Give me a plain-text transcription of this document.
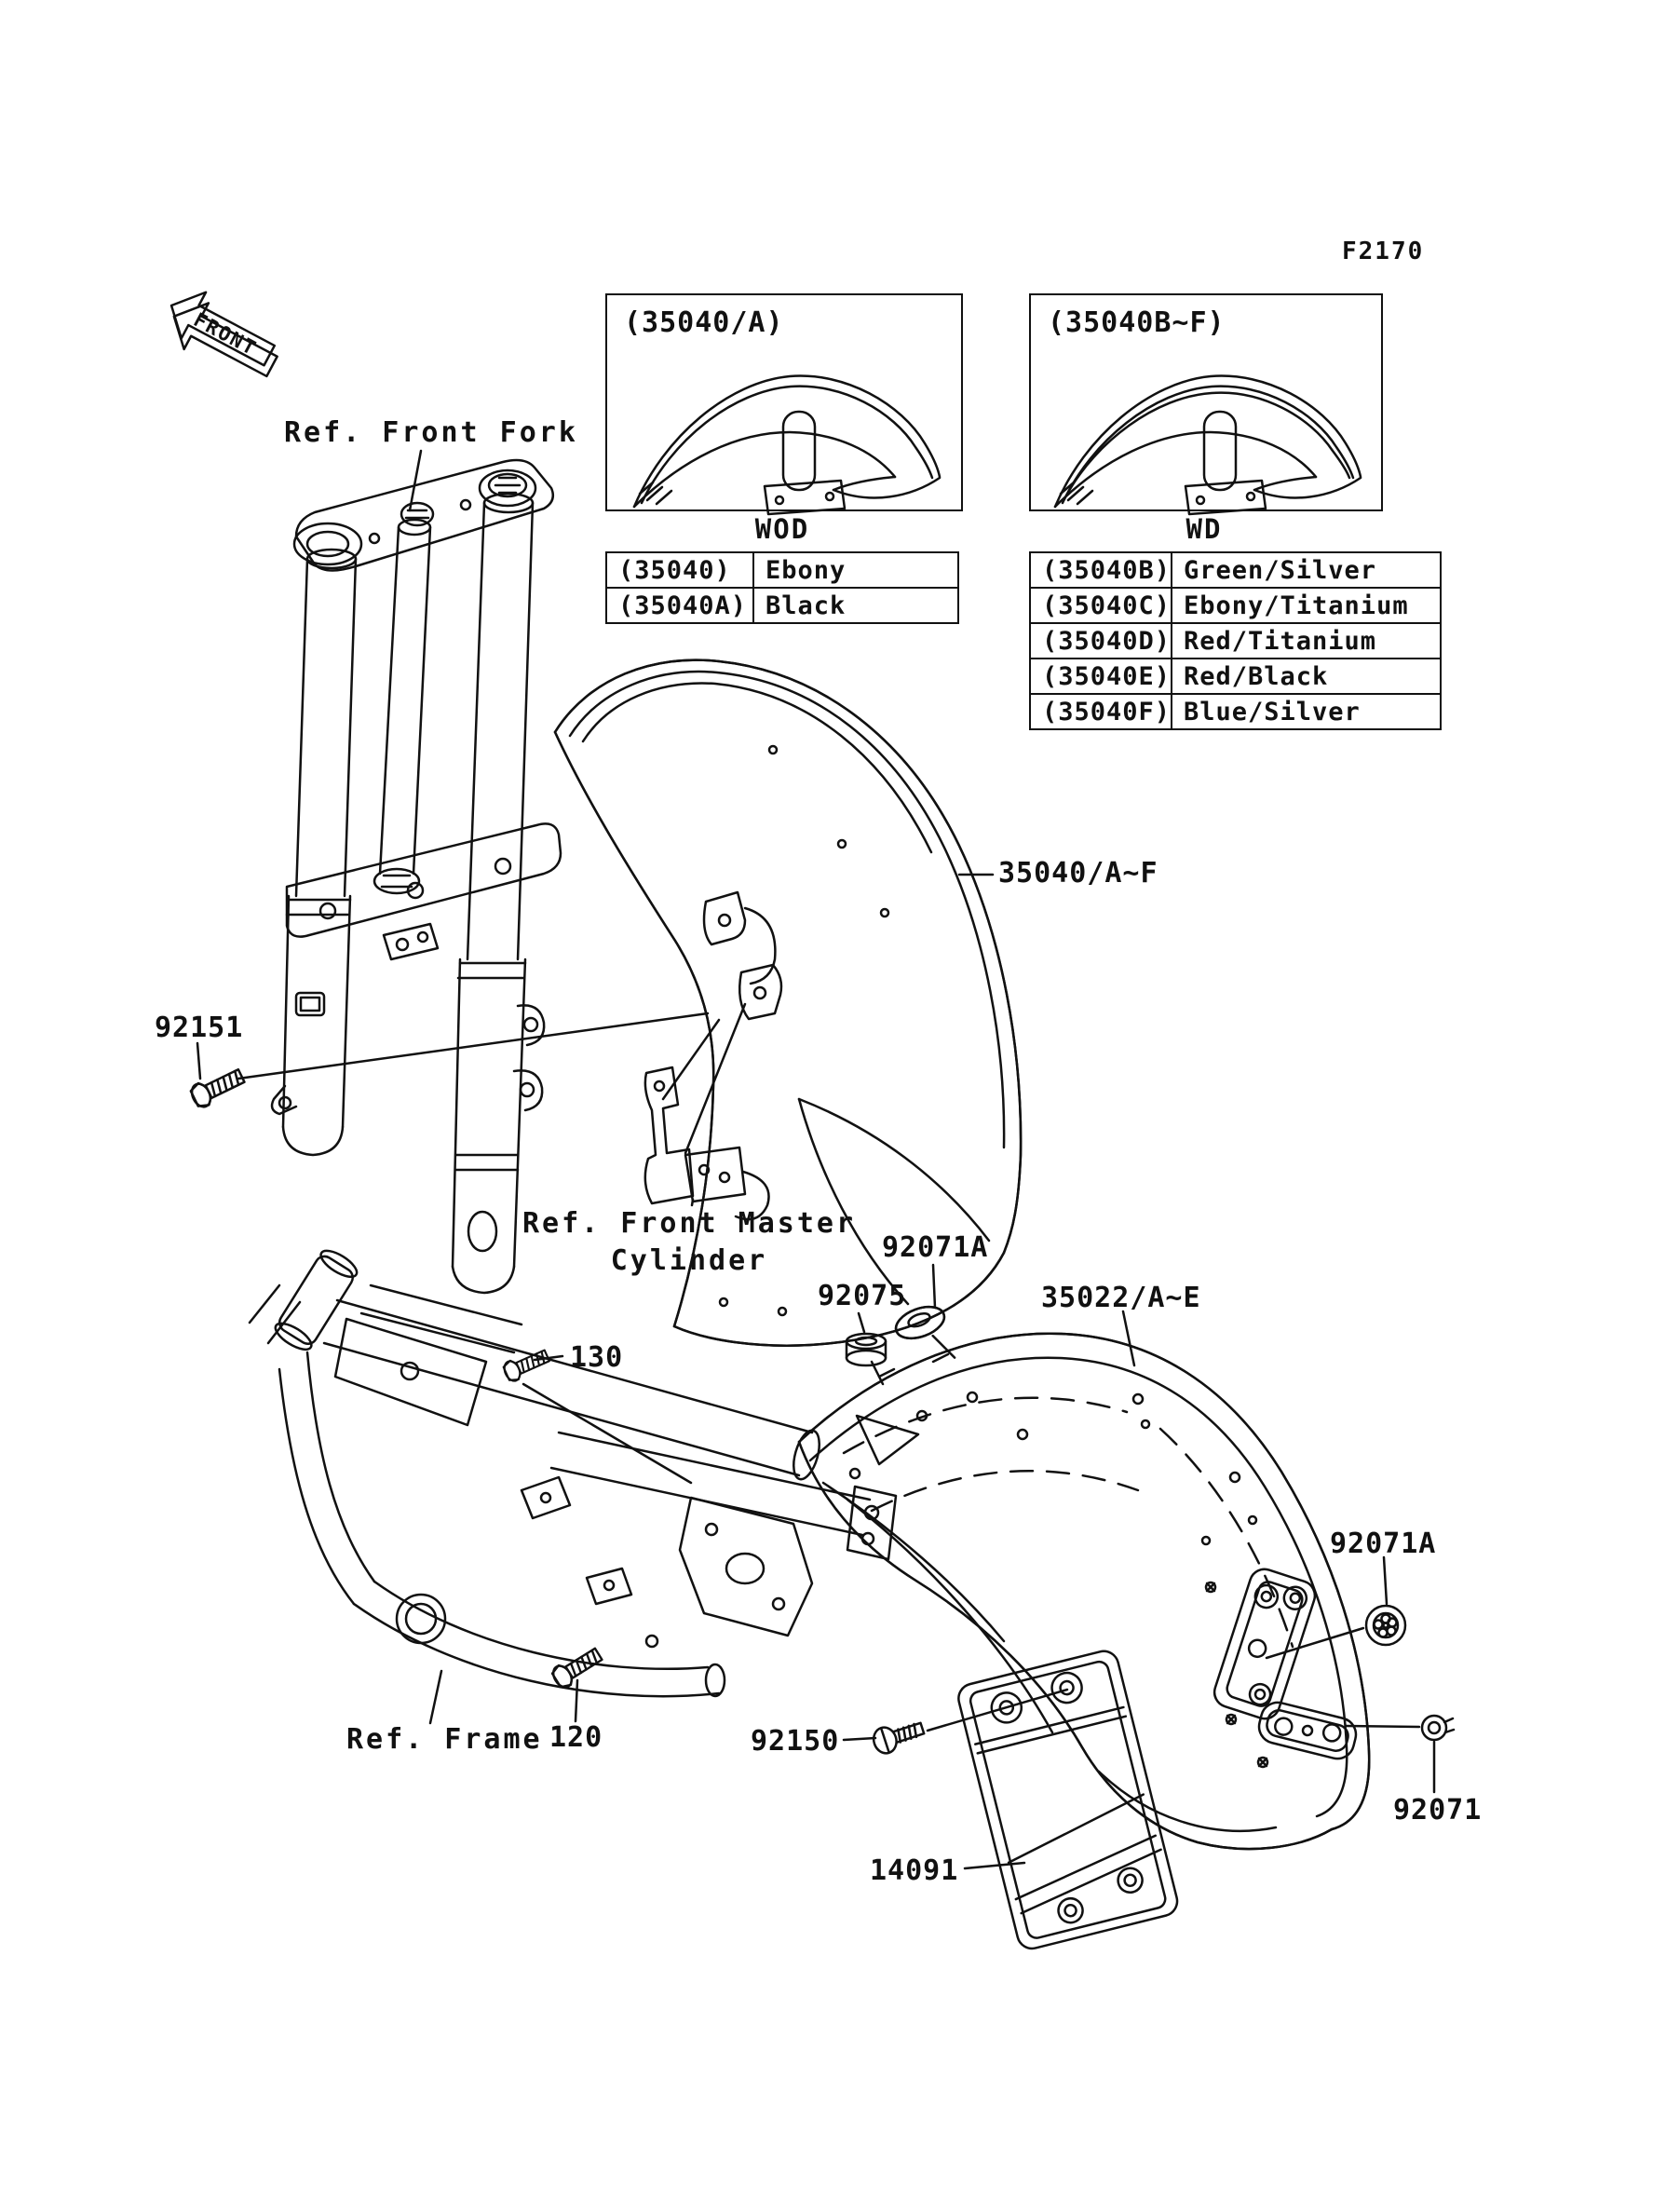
FRONT
F2170
Ref. Front Fork
(35040/A)	(35040B~F)
WOD	WD
(35040)	Ebony
(35040A)	Black
(35040B)	Green/Silver
(35040C)	Ebony/Titanium
(35040D)	Red/Titanium
(35040E)	Red/Black
(35040F)	Blue/Silver
35040/A~F
92151
Ref. Front Master
Cylinder	92071A
92075	35022/A~E
130
Ref. Frame 120	92150
14091
92071A
92071
